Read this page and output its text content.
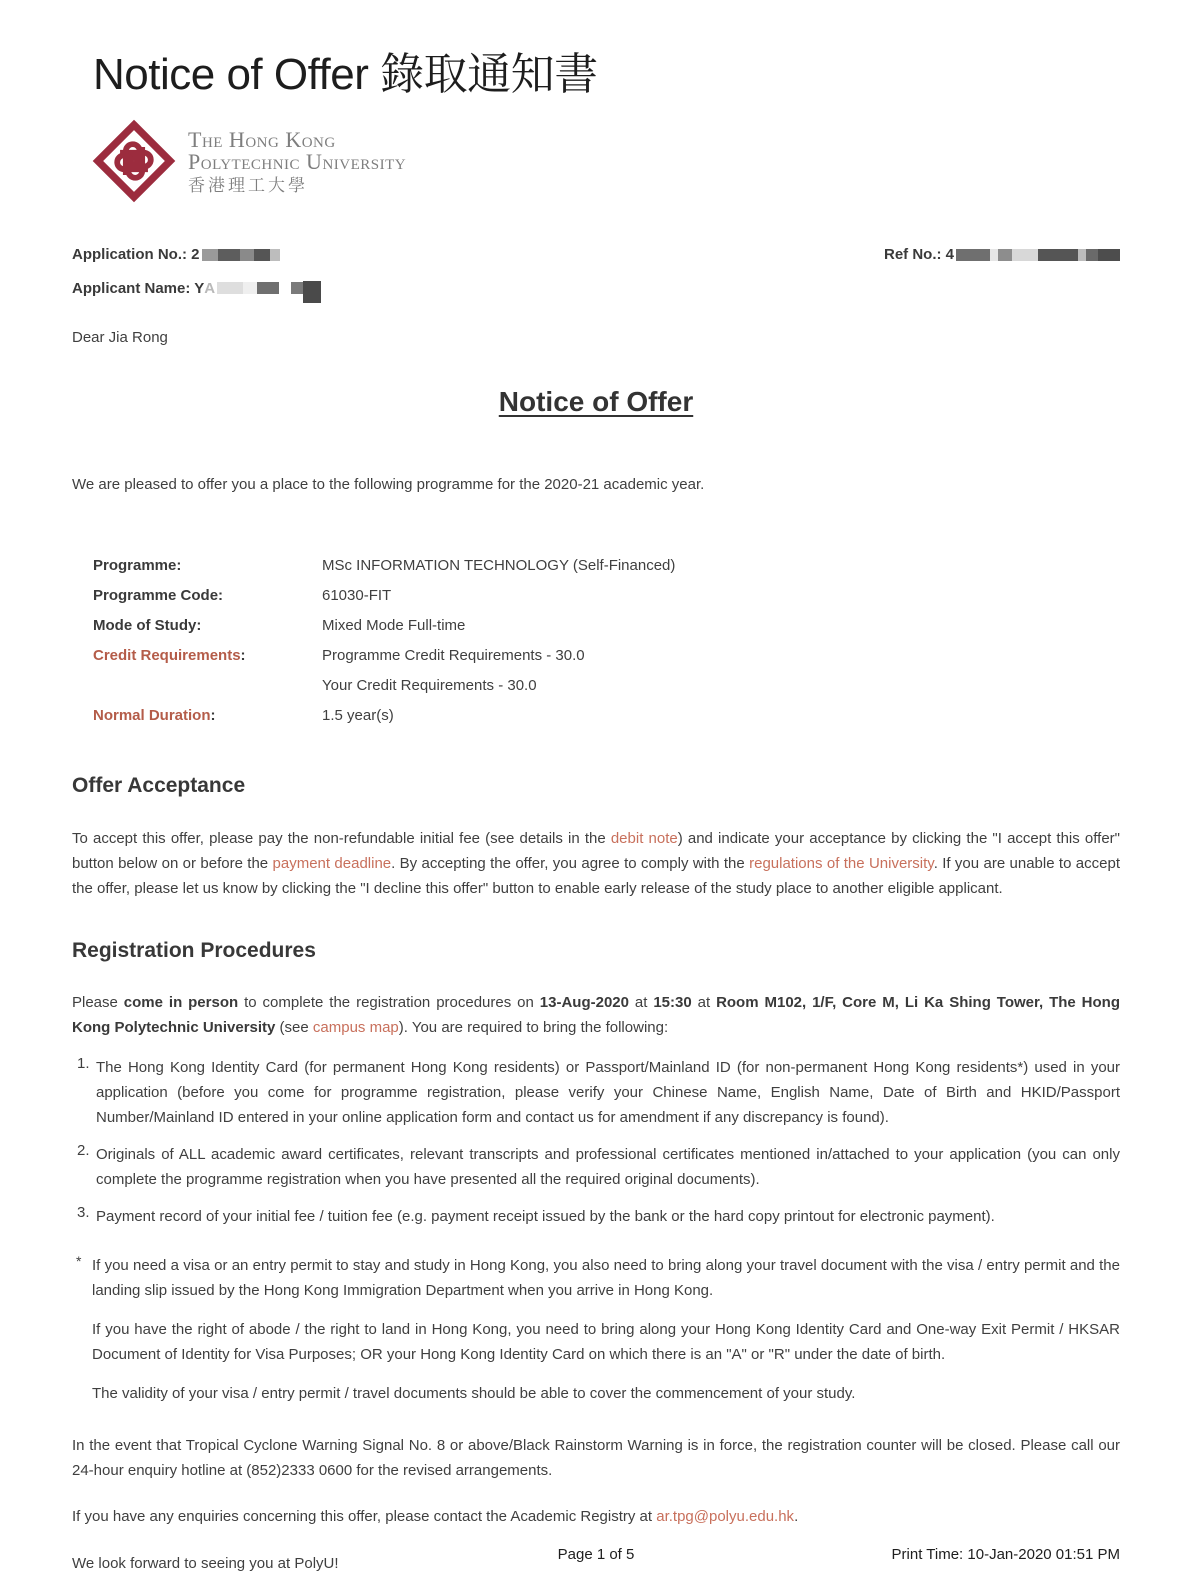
Notice of Offer 錄取通知書
The Hong Kong
Polytechnic University
香港理工大學
Application No.: 2	Ref No.: 4
Applicant Name: Y A
Dear Jia Rong
Notice of Offer

We are pleased to offer you a place to the following programme for the 2020-21 academic year.

Programme:	MSc INFORMATION TECHNOLOGY (Self-Financed)
Programme Code:	61030-FIT
Mode of Study:	Mixed Mode Full-time
Credit Requirements:	Programme Credit Requirements - 30.0
Your Credit Requirements - 30.0
Normal Duration:	1.5 year(s)
Offer Acceptance

To accept this offer, please pay the non-refundable initial fee (see details in the debit note) and indicate your acceptance by clicking the "I accept this offer" button below on or before the payment deadline. By accepting the offer, you agree to comply with the regulations of the University. If you are unable to accept the offer, please let us know by clicking the "I decline this offer" button to enable early release of the study place to another eligible applicant.

Registration Procedures

Please come in person to complete the registration procedures on 13-Aug-2020 at 15:30 at Room M102, 1/F, Core M, Li Ka Shing Tower, The Hong Kong Polytechnic University (see campus map). You are required to bring the following:

1. The Hong Kong Identity Card (for permanent Hong Kong residents) or Passport/Mainland ID (for non-permanent Hong Kong residents*) used in your application (before you come for programme registration, please verify your Chinese Name, English Name, Date of Birth and HKID/Passport Number/Mainland ID entered in your online application form and contact us for amendment if any discrepancy is found).
2. Originals of ALL academic award certificates, relevant transcripts and professional certificates mentioned in/attached to your application (you can only complete the programme registration when you have presented all the required original documents).
3. Payment record of your initial fee / tuition fee (e.g. payment receipt issued by the bank or the hard copy printout for electronic payment).
* If you need a visa or an entry permit to stay and study in Hong Kong, you also need to bring along your travel document with the visa / entry permit and the landing slip issued by the Hong Kong Immigration Department when you arrive in Hong Kong.
If you have the right of abode / the right to land in Hong Kong, you need to bring along your Hong Kong Identity Card and One-way Exit Permit / HKSAR Document of Identity for Visa Purposes; OR your Hong Kong Identity Card on which there is an "A" or "R" under the date of birth.
The validity of your visa / entry permit / travel documents should be able to cover the commencement of your study.

In the event that Tropical Cyclone Warning Signal No. 8 or above/Black Rainstorm Warning is in force, the registration counter will be closed. Please call our 24-hour enquiry hotline at (852)2333 0600 for the revised arrangements.

If you have any enquiries concerning this offer, please contact the Academic Registry at ar.tpg@polyu.edu.hk.

We look forward to seeing you at PolyU!

Page 1 of 5	Print Time: 10-Jan-2020 01:51 PM
